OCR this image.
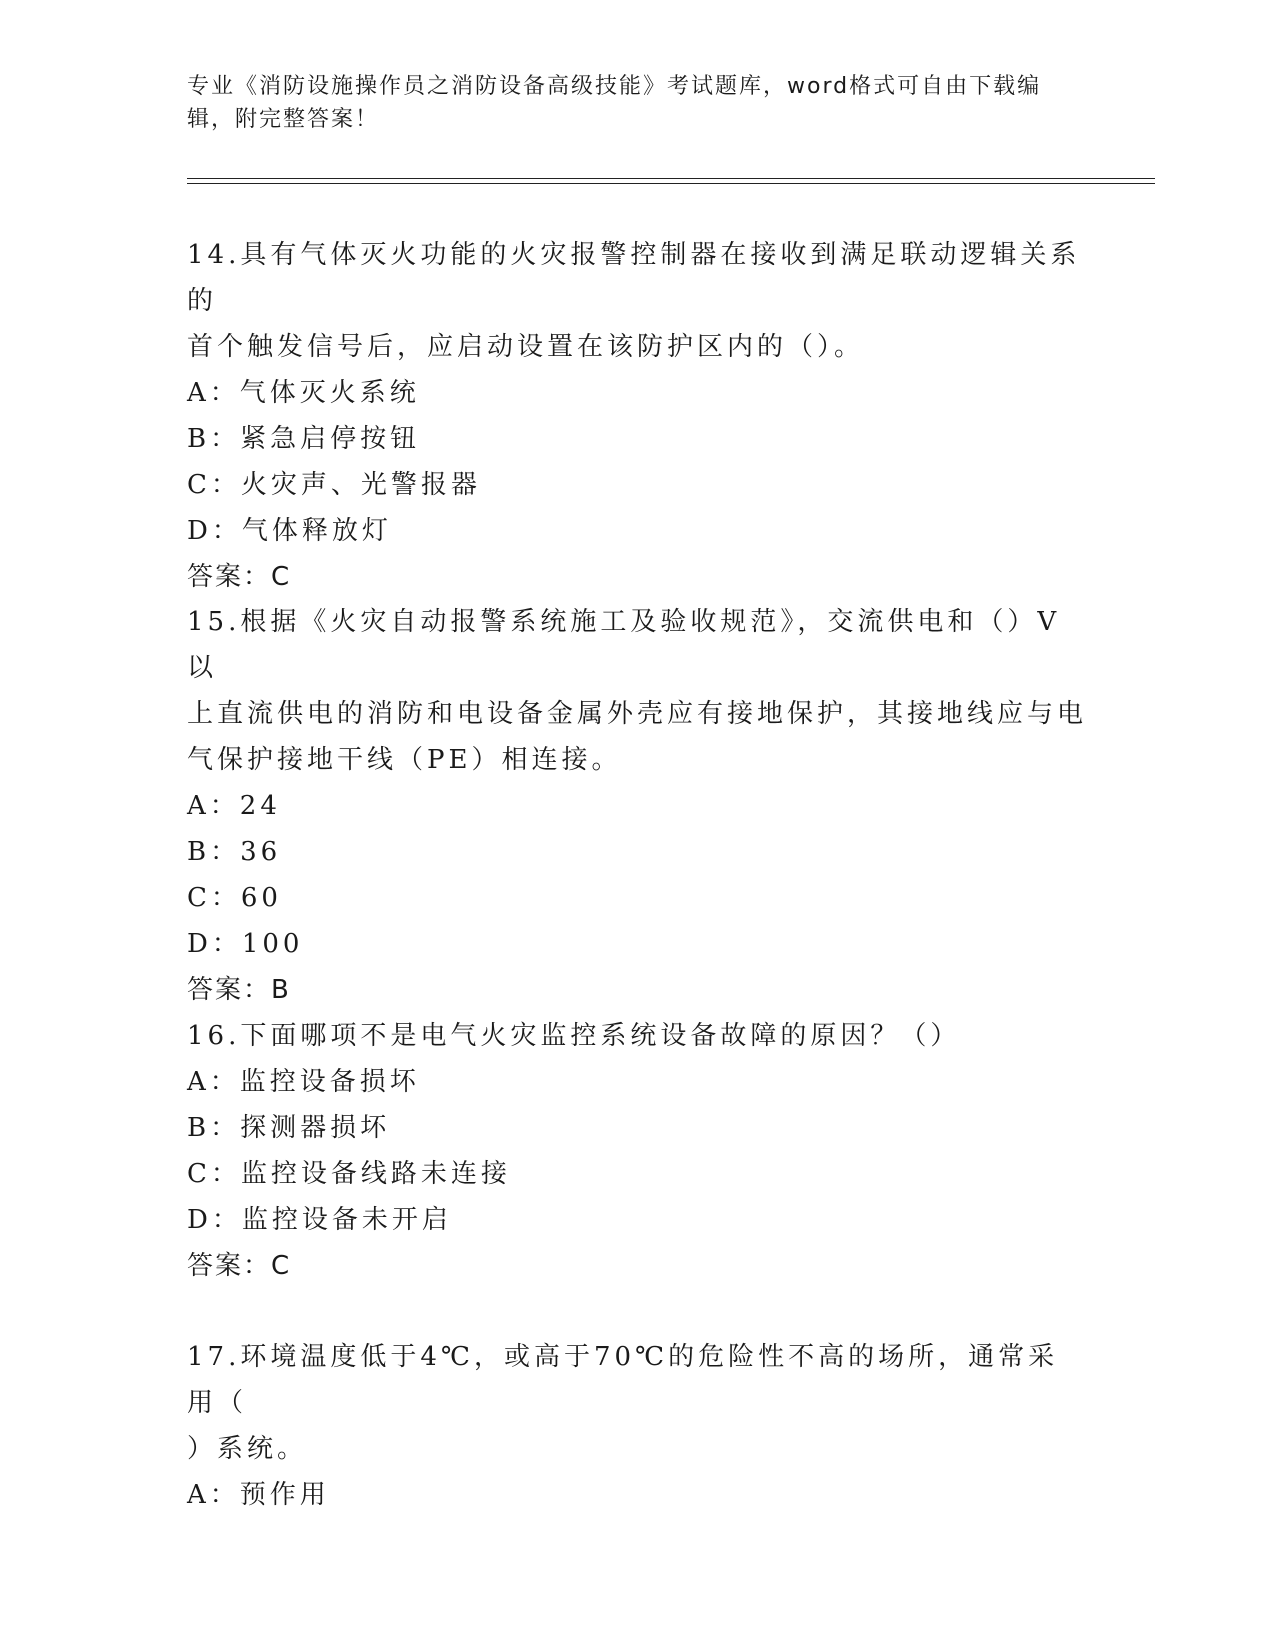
专业《消防设施操作员之消防设备高级技能》考试题库，word格式可自由下载编
辑，附完整答案！
14.具有气体灭火功能的火灾报警控制器在接收到满足联动逻辑关系的
首个触发信号后，应启动设置在该防护区内的（）。
A：气体灭火系统
B：紧急启停按钮
C：火灾声、光警报器
D：气体释放灯
答案：C
15.根据《火灾自动报警系统施工及验收规范》，交流供电和（）V以
上直流供电的消防和电设备金属外壳应有接地保护，其接地线应与电
气保护接地干线（PE）相连接。
A：24
B：36
C：60
D：100
答案：B
16.下面哪项不是电气火灾监控系统设备故障的原因？（）
A：监控设备损坏
B：探测器损坏
C：监控设备线路未连接
D：监控设备未开启
答案：C
17.环境温度低于4℃，或高于70℃的危险性不高的场所，通常采用（
）系统。
A：预作用
